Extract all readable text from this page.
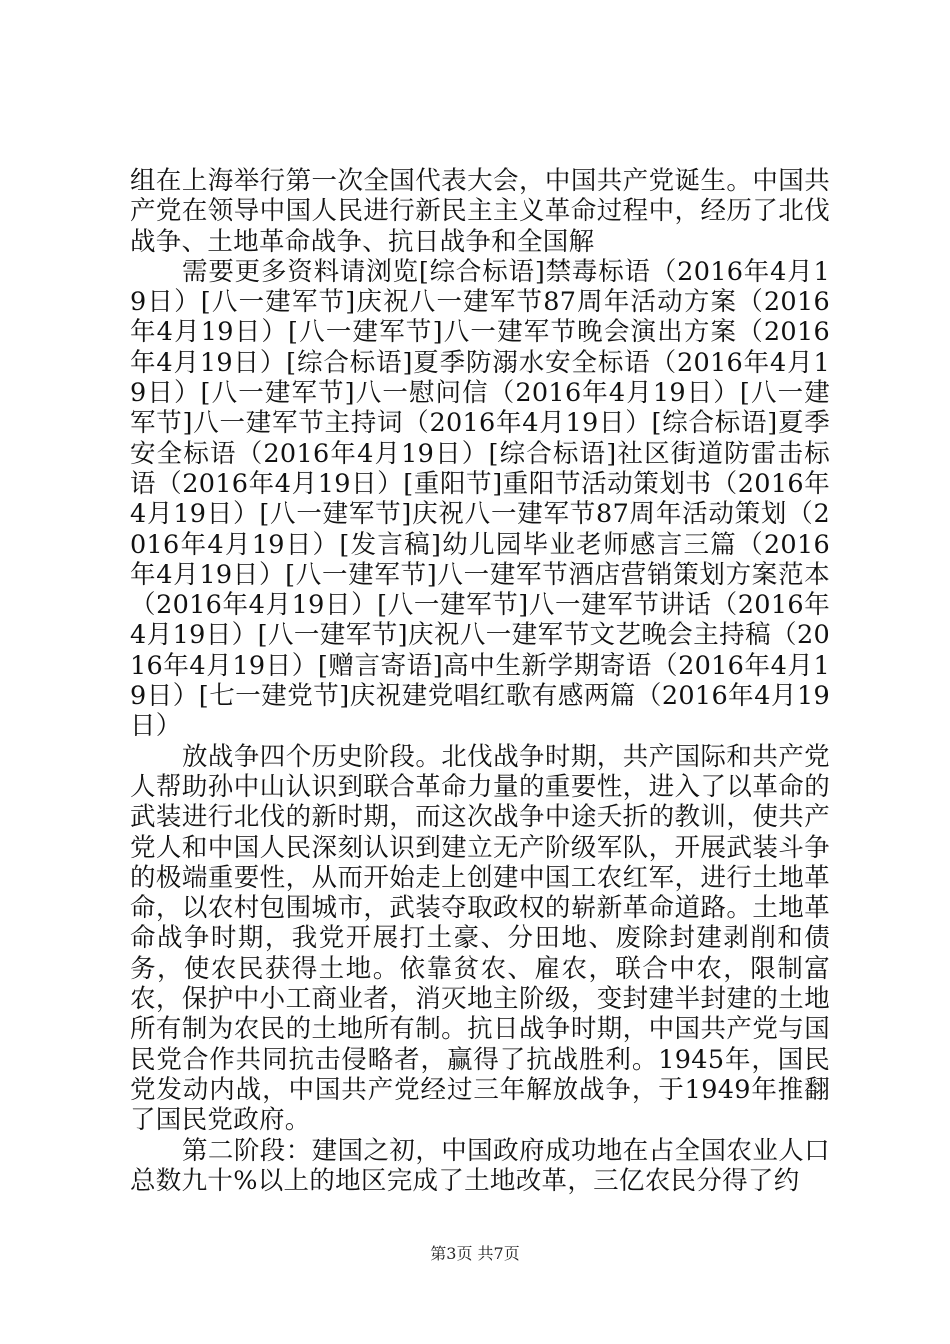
组在上海举行第一次全国代表大会，中国共产党诞生。中国共产党在领导中国人民进行新民主主义革命过程中，经历了北伐战争、土地革命战争、抗日战争和全国解

需要更多资料请浏览[综合标语]禁毒标语（2016年4月19日）[八一建军节]庆祝八一建军节87周年活动方案（2016年4月19日）[八一建军节]八一建军节晚会演出方案（2016年4月19日）[综合标语]夏季防溺水安全标语（2016年4月19日）[八一建军节]八一慰问信（2016年4月19日）[八一建军节]八一建军节主持词（2016年4月19日）[综合标语]夏季安全标语（2016年4月19日）[综合标语]社区街道防雷击标语（2016年4月19日）[重阳节]重阳节活动策划书（2016年4月19日）[八一建军节]庆祝八一建军节87周年活动策划（2016年4月19日）[发言稿]幼儿园毕业老师感言三篇（2016年4月19日）[八一建军节]八一建军节酒店营销策划方案范本（2016年4月19日）[八一建军节]八一建军节讲话（2016年4月19日）[八一建军节]庆祝八一建军节文艺晚会主持稿（2016年4月19日）[赠言寄语]高中生新学期寄语（2016年4月19日）[七一建党节]庆祝建党唱红歌有感两篇（2016年4月19日）

放战争四个历史阶段。北伐战争时期，共产国际和共产党人帮助孙中山认识到联合革命力量的重要性，进入了以革命的武装进行北伐的新时期，而这次战争中途夭折的教训，使共产党人和中国人民深刻认识到建立无产阶级军队，开展武装斗争的极端重要性，从而开始走上创建中国工农红军，进行土地革命，以农村包围城市，武装夺取政权的崭新革命道路。土地革命战争时期，我党开展打土豪、分田地、废除封建剥削和债务，使农民获得土地。依靠贫农、雇农，联合中农，限制富农，保护中小工商业者，消灭地主阶级，变封建半封建的土地所有制为农民的土地所有制。抗日战争时期，中国共产党与国民党合作共同抗击侵略者，赢得了抗战胜利。1945年，国民党发动内战，中国共产党经过三年解放战争，于1949年推翻了国民党政府。

第二阶段：建国之初，中国政府成功地在占全国农业人口总数九十%以上的地区完成了土地改革，三亿农民分得了约

第3页 共7页
